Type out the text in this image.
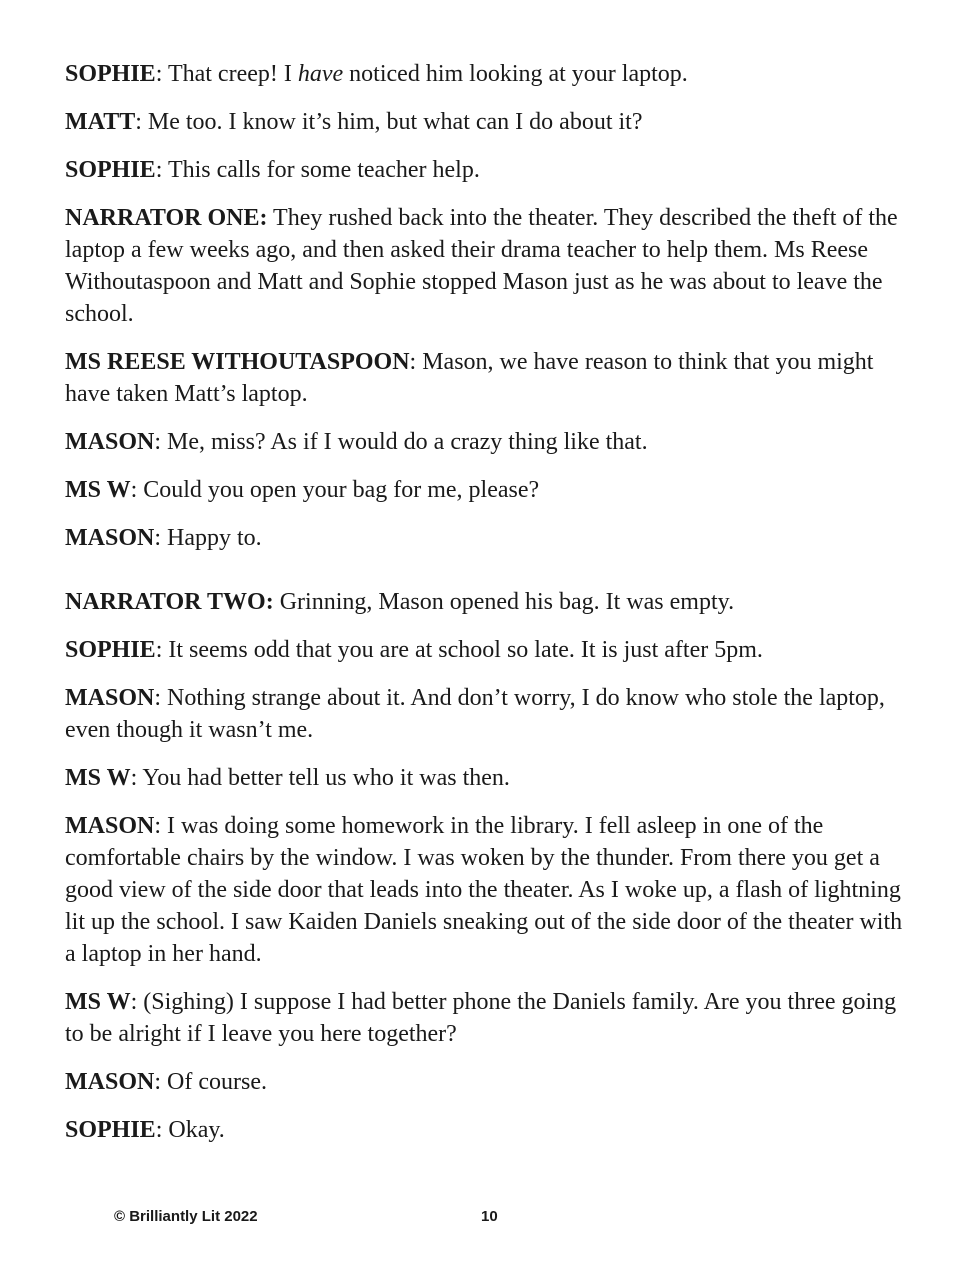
SOPHIE: That creep! I have noticed him looking at your laptop.

MATT: Me too. I know it’s him, but what can I do about it?

SOPHIE: This calls for some teacher help.

NARRATOR ONE: They rushed back into the theater. They described the theft of the laptop a few weeks ago, and then asked their drama teacher to help them. Ms Reese Withoutaspoon and Matt and Sophie stopped Mason just as he was about to leave the school.

MS REESE WITHOUTASPOON: Mason, we have reason to think that you might have taken Matt’s laptop.

MASON: Me, miss? As if I would do a crazy thing like that.

MS W: Could you open your bag for me, please?

MASON: Happy to.

NARRATOR TWO: Grinning, Mason opened his bag. It was empty.

SOPHIE: It seems odd that you are at school so late. It is just after 5pm.

MASON: Nothing strange about it. And don’t worry, I do know who stole the laptop, even though it wasn’t me.

MS W: You had better tell us who it was then.

MASON: I was doing some homework in the library. I fell asleep in one of the comfortable chairs by the window. I was woken by the thunder. From there you get a good view of the side door that leads into the theater. As I woke up, a flash of lightning lit up the school. I saw Kaiden Daniels sneaking out of the side door of the theater with a laptop in her hand.

MS W: (Sighing) I suppose I had better phone the Daniels family. Are you three going to be alright if I leave you here together?

MASON: Of course.

SOPHIE: Okay.

© Brilliantly Lit 2022	10
